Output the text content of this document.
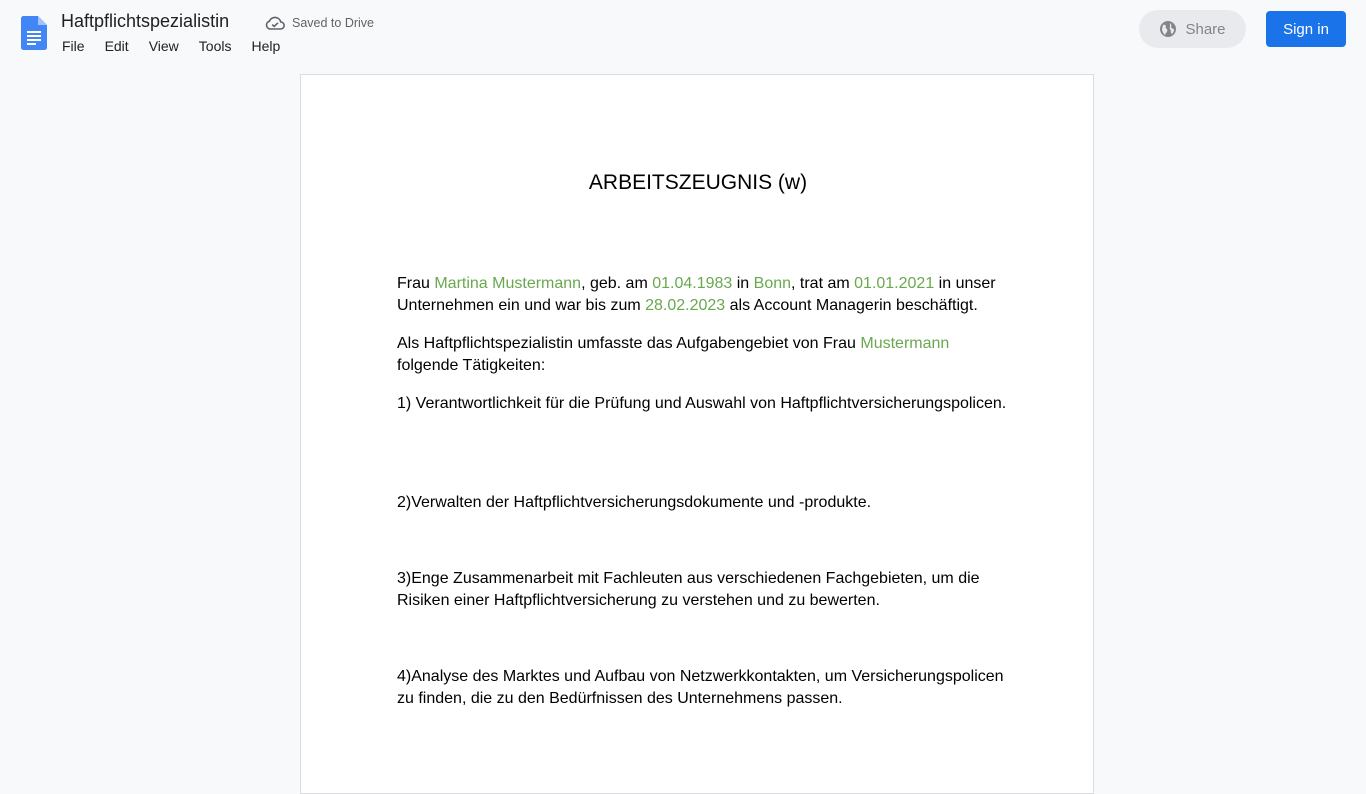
Haftpflichtspezialistin	Saved to Drive
File	Edit	View	Tools	Help
Share	Sign in
ARBEITSZEUGNIS (w)

Frau Martina Mustermann, geb. am 01.04.1983 in Bonn, trat am 01.01.2021 in unser Unternehmen ein und war bis zum 28.02.2023 als Account Managerin beschäftigt.

Als Haftpflichtspezialistin umfasste das Aufgabengebiet von Frau Mustermann folgende Tätigkeiten:

1) Verantwortlichkeit für die Prüfung und Auswahl von Haftpflichtversicherungspolicen.

2)Verwalten der Haftpflichtversicherungsdokumente und -produkte.

3)Enge Zusammenarbeit mit Fachleuten aus verschiedenen Fachgebieten, um die Risiken einer Haftpflichtversicherung zu verstehen und zu bewerten.

4)Analyse des Marktes und Aufbau von Netzwerkkontakten, um Versicherungspolicen zu finden, die zu den Bedürfnissen des Unternehmens passen.
